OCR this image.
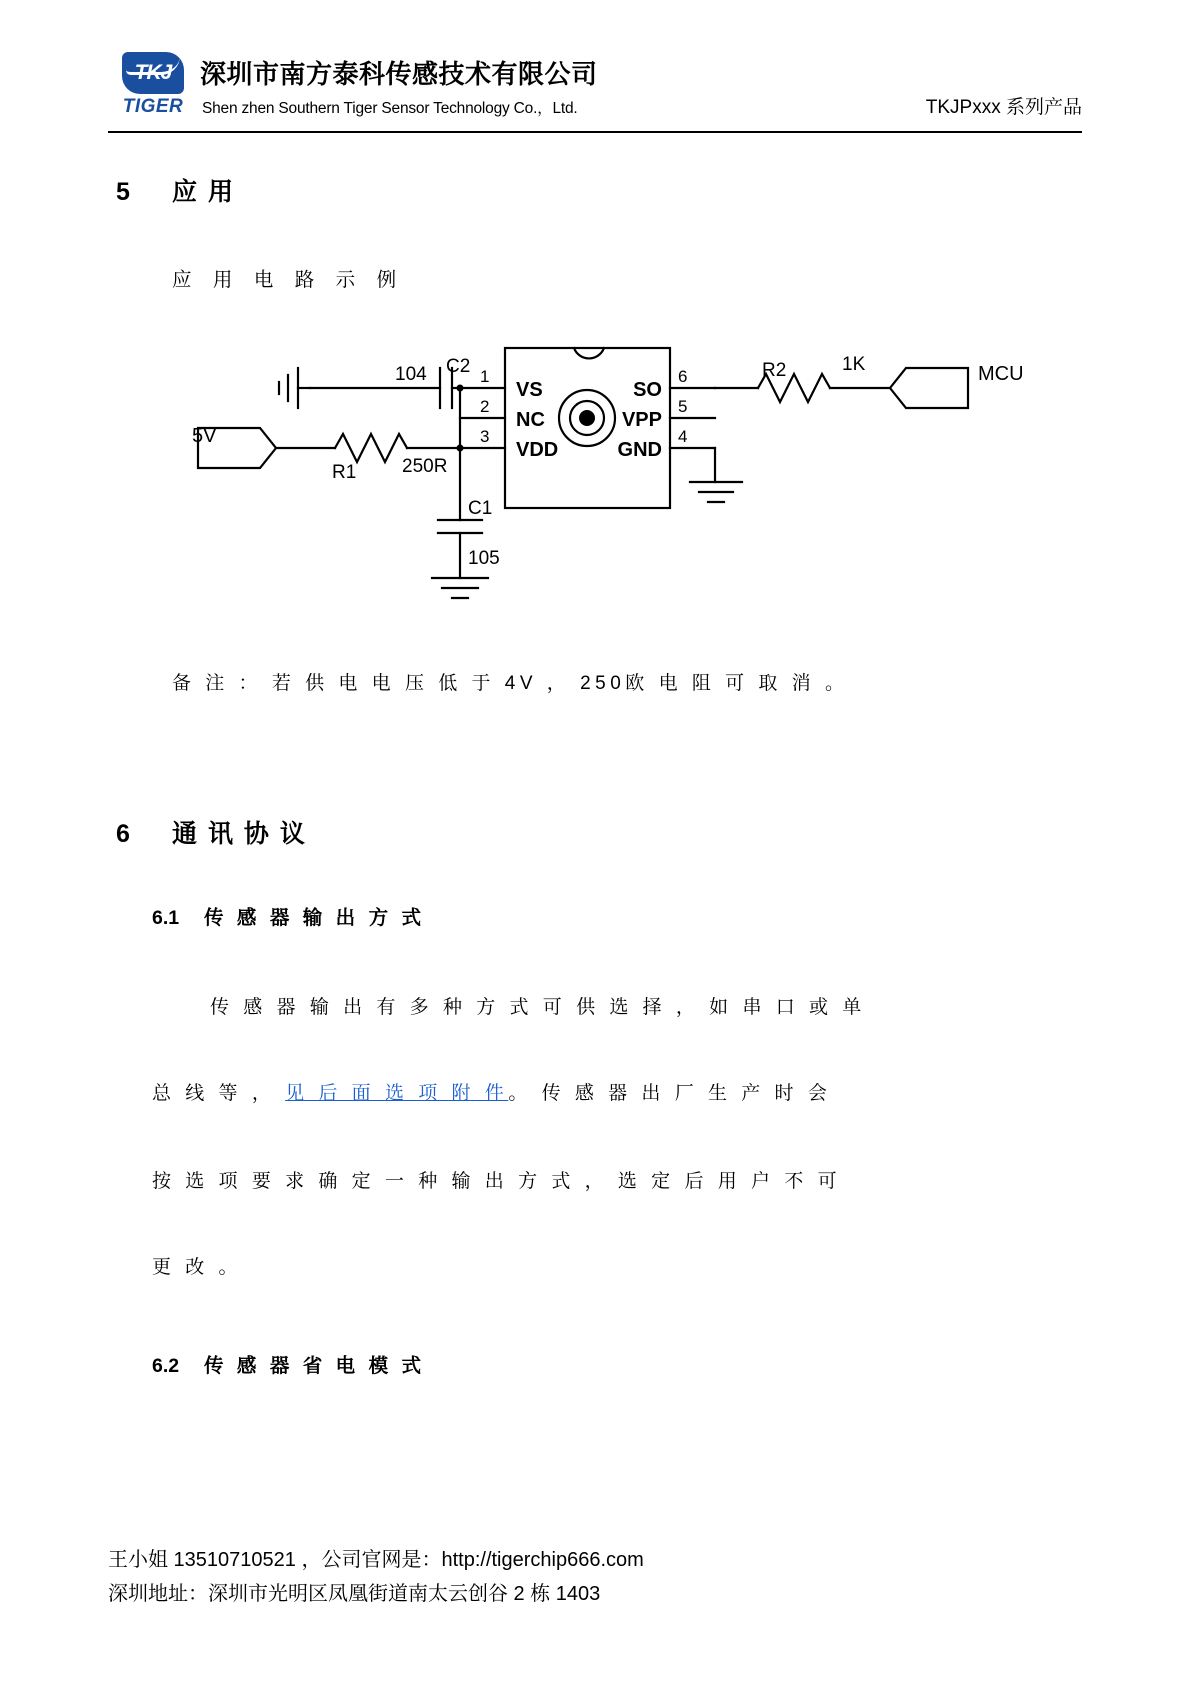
TKJ
TIGER
深圳市南方泰科传感技术有限公司
Shen zhen Southern Tiger Sensor Technology Co.，Ltd.	TKJPxxx 系列产品
5 应 用
应 用 电 路 示 例
104 C2
C1
105
R1 250R
R2	1K
5V
MCU
1
2
3	4
5
6
VS
NC
VDD
SO
VPP
GND
备 注 ： 若 供 电 电 压 低 于 4V ， 250欧 电 阻 可 取 消 。
6 通 讯 协 议
6.1 传 感 器 输 出 方 式
传 感 器 输 出 有 多 种 方 式 可 供 选 择 ， 如 串 口 或 单
总 线 等 ， 见 后 面 选 项 附 件。 传 感 器 出 厂 生 产 时 会
按 选 项 要 求 确 定 一 种 输 出 方 式 ， 选 定 后 用 户 不 可
更 改 。
6.2 传 感 器 省 电 模 式
王小姐 13510710521 ，公司官网是：http://tigerchip666.com
深圳地址：深圳市光明区凤凰街道南太云创谷 2 栋 1403
